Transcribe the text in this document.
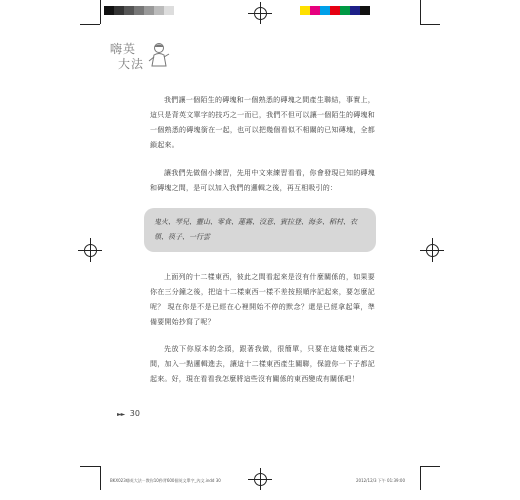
嗨英
大法
我們讓一個陌生的磚塊和一個熟悉的磚塊之間產生聯結，事實上，這只是背英文單字的技巧之一而已，我們不但可以讓一個陌生的磚塊和一個熟悉的磚塊銜在一起，也可以把幾個看似不相關的已知磚塊，全都鎖起來。
讓我們先做個小練習，先用中文來練習看看，你會發現已知的磚塊和磚塊之間，是可以加入我們的邏輯之後，再互相吸引的：
鬼火、琴兒、靈山、零食、蓮霧、沒意、賓拉登、海多、稻村、衣領、筷子、一行雲
上面列的十二樣東西，彼此之間看起來是沒有什麼關係的，如果要你在三分鐘之後，把這十二樣東西一樣不差按照順序記起來，要怎麼記呢？ 現在你是不是已經在心裡開始不停的默念？還是已經拿起筆，準備要開始抄寫了呢？
先放下你原本的念頭，跟著我做，很簡單，只要在這幾樣東西之間，加入一點邏輯進去，讓這十二樣東西產生關聯，保證你一下子都記起來。好，現在看看我怎麼將這些沒有關係的東西變成有關係吧！
►► 30
BKX023嗨英大法－教你10秒背600個英文單字_內文.indd 30	2012/12/3 下午 01:39:00
